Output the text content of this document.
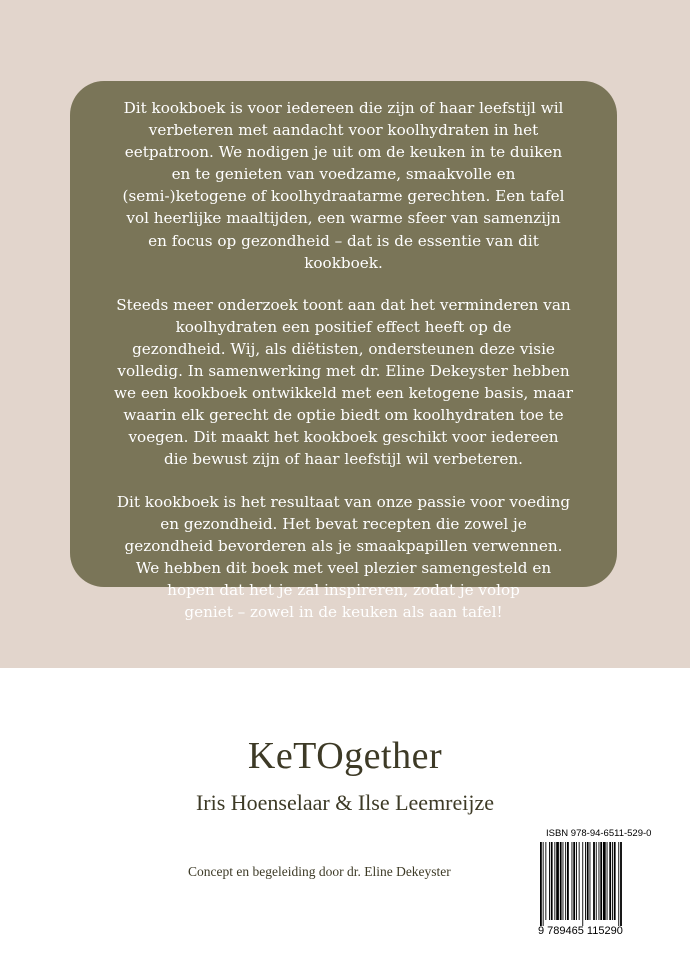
Dit kookboek is voor iedereen die zijn of haar leefstijl wil
verbeteren met aandacht voor koolhydraten in het
eetpatroon. We nodigen je uit om de keuken in te duiken
en te genieten van voedzame, smaakvolle en
(semi-)ketogene of koolhydraatarme gerechten. Een tafel
vol heerlijke maaltijden, een warme sfeer van samenzijn
en focus op gezondheid – dat is de essentie van dit
kookboek.

Steeds meer onderzoek toont aan dat het verminderen van
koolhydraten een positief effect heeft op de
gezondheid. Wij, als diëtisten, ondersteunen deze visie
volledig. In samenwerking met dr. Eline Dekeyster hebben
we een kookboek ontwikkeld met een ketogene basis, maar
waarin elk gerecht de optie biedt om koolhydraten toe te
voegen. Dit maakt het kookboek geschikt voor iedereen
die bewust zijn of haar leefstijl wil verbeteren.

Dit kookboek is het resultaat van onze passie voor voeding
en gezondheid. Het bevat recepten die zowel je
gezondheid bevorderen als je smaakpapillen verwennen.
We hebben dit boek met veel plezier samengesteld en
hopen dat het je zal inspireren, zodat je volop
geniet – zowel in de keuken als aan tafel!

KeTOgether
Iris Hoenselaar & Ilse Leemreijze
Concept en begeleiding door dr. Eline Dekeyster
ISBN 978-94-6511-529-0
9 789465 115290
